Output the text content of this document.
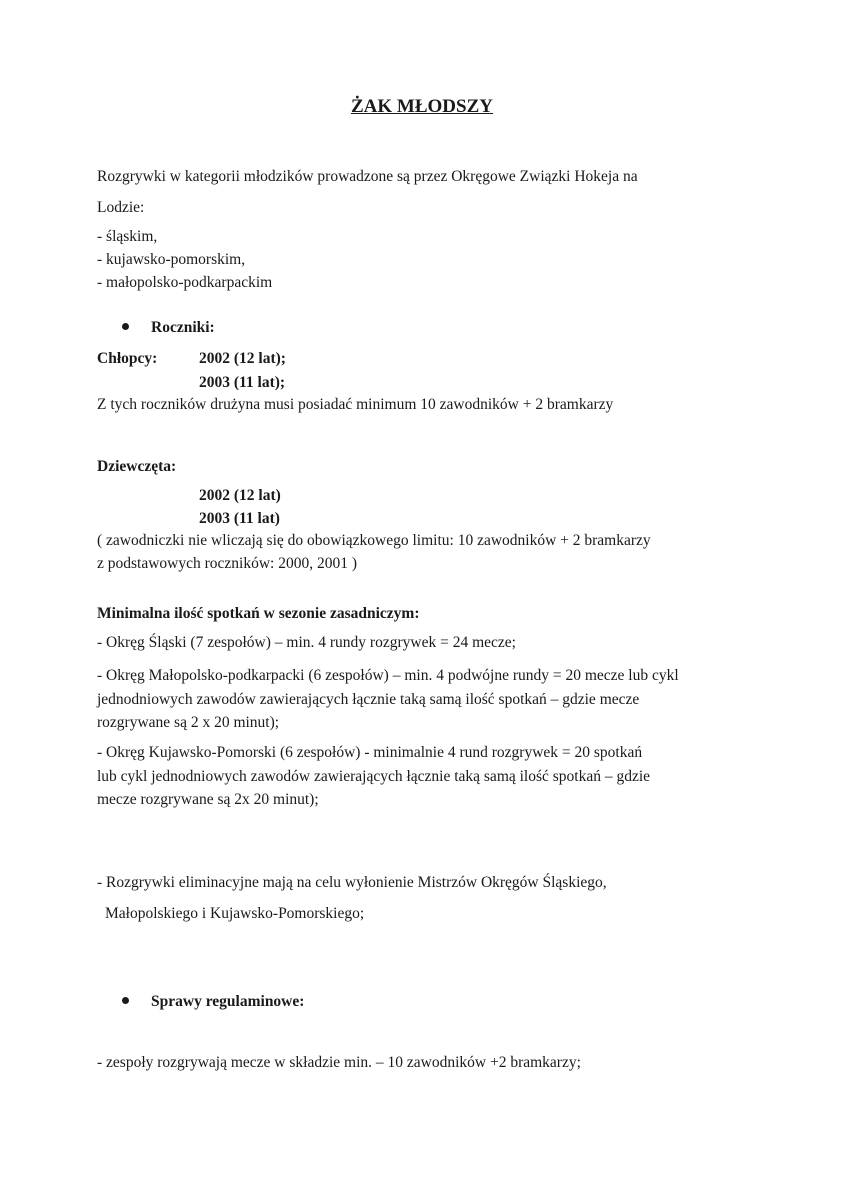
ŻAK MŁODSZY
Rozgrywki w kategorii młodzików prowadzone są przez Okręgowe Związki Hokeja na
Lodzie:
- śląskim,
- kujawsko-pomorskim,
- małopolsko-podkarpackim
Roczniki:
Chłopcy:	2002 (12 lat);
2003 (11 lat);
Z tych roczników drużyna musi posiadać minimum 10 zawodników + 2 bramkarzy
Dziewczęta:
2002 (12 lat)
2003 (11 lat)
( zawodniczki nie wliczają się do obowiązkowego limitu: 10 zawodników + 2 bramkarzy
z podstawowych roczników: 2000, 2001 )
Minimalna ilość spotkań w sezonie zasadniczym:
- Okręg Śląski (7 zespołów) – min. 4 rundy rozgrywek = 24 mecze;
- Okręg Małopolsko-podkarpacki (6 zespołów) – min. 4 podwójne rundy = 20 mecze lub cykl
jednodniowych zawodów zawierających łącznie taką samą ilość spotkań – gdzie mecze
rozgrywane są 2 x 20 minut);
- Okręg Kujawsko-Pomorski (6 zespołów) - minimalnie 4 rund rozgrywek = 20 spotkań
lub cykl jednodniowych zawodów zawierających łącznie taką samą ilość spotkań – gdzie
mecze rozgrywane są 2x 20 minut);
- Rozgrywki eliminacyjne mają na celu wyłonienie Mistrzów Okręgów Śląskiego,
Małopolskiego i Kujawsko-Pomorskiego;
Sprawy regulaminowe:
- zespoły rozgrywają mecze w składzie min. – 10 zawodników +2 bramkarzy;
